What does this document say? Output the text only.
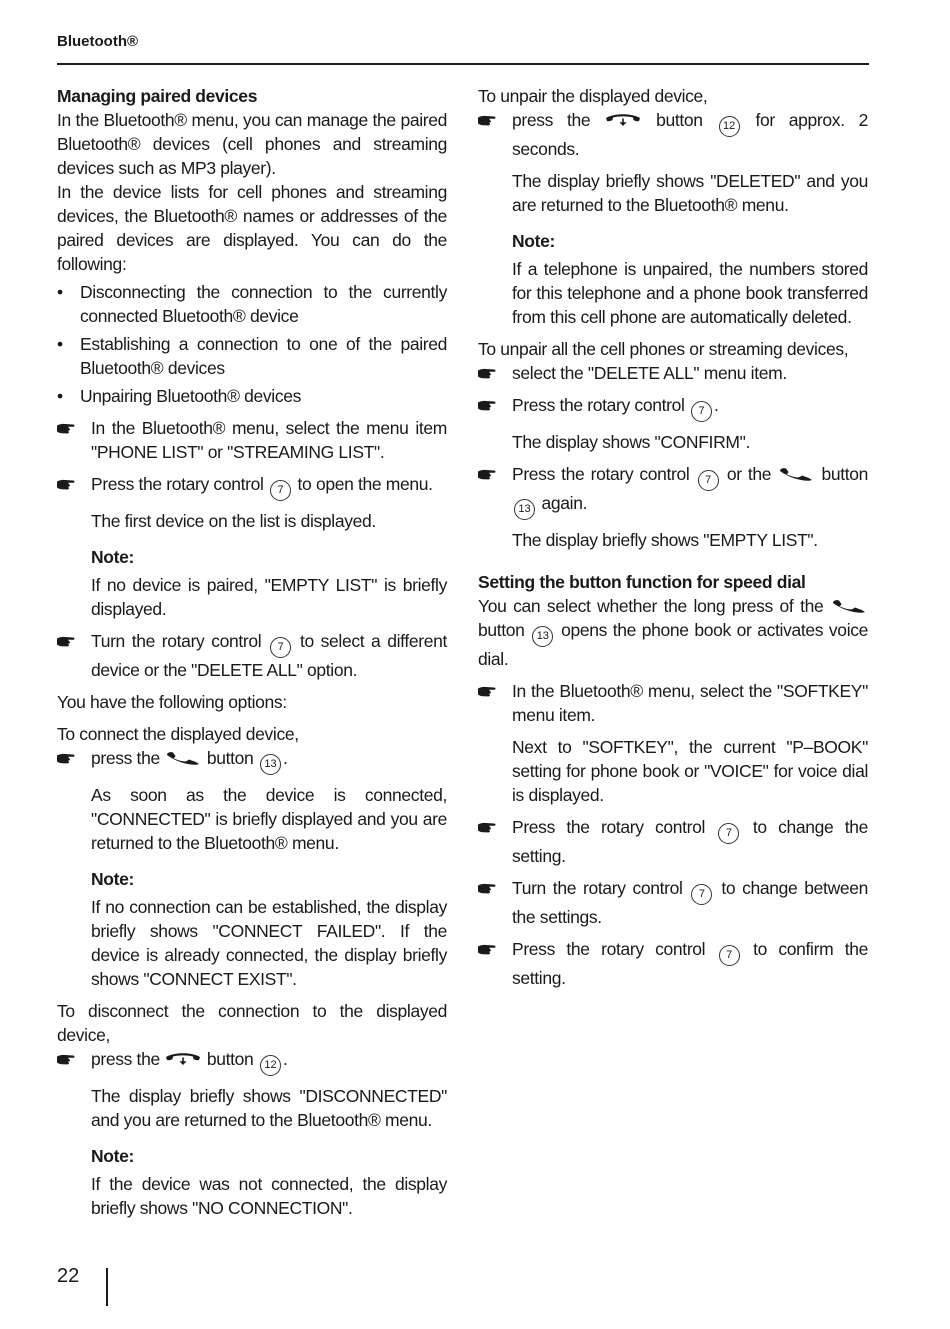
Bluetooth®

Managing paired devices

In the Bluetooth® menu, you can manage the paired Bluetooth® devices (cell phones and streaming devices such as MP3 player).

In the device lists for cell phones and streaming devices, the Bluetooth® names or addresses of the paired devices are displayed. You can do the following:

• Disconnecting the connection to the currently connected Bluetooth® device

• Establishing a connection to one of the paired Bluetooth® devices

• Unpairing Bluetooth® devices

In the Bluetooth® menu, select the menu item "PHONE LIST" or "STREAMING LIST".

Press the rotary control 7 to open the menu.

The first device on the list is displayed.

Note:

If no device is paired, "EMPTY LIST" is briefly displayed.

Turn the rotary control 7 to select a different device or the "DELETE ALL" option.

You have the following options:

To connect the displayed device,

press the	button 13 .

As soon as the device is connected, "CONNECTED" is briefly displayed and you are returned to the Bluetooth® menu.

Note:

If no connection can be established, the display briefly shows "CONNECT FAILED". If the device is already connected, the display briefly shows "CONNECT EXIST".

To disconnect the connection to the displayed device,

press the	button 12 .

The display briefly shows "DISCONNECTED" and you are returned to the Bluetooth® menu.

Note:

If the device was not connected, the display briefly shows "NO CONNECTION".

To unpair the displayed device,

press the	button 12 for approx. 2 seconds.

The display briefly shows "DELETED" and you are returned to the Bluetooth® menu.

Note:

If a telephone is unpaired, the numbers stored for this telephone and a phone book transferred from this cell phone are automatically deleted.

To unpair all the cell phones or streaming devices,

select the "DELETE ALL" menu item.

Press the rotary control 7 .

The display shows "CONFIRM".

Press the rotary control 7 or the	button 13 again.

The display briefly shows "EMPTY LIST".

Setting the button function for speed dial

You can select whether the long press of the  button 13 opens the phone book or activates voice dial.

In the Bluetooth® menu, select the "SOFTKEY" menu item.

Next to "SOFTKEY", the current "P–BOOK" setting for phone book or "VOICE" for voice dial is displayed.

Press the rotary control 7 to change the setting.

Turn the rotary control 7 to change between the settings.

Press the rotary control 7 to confirm the setting.

22
